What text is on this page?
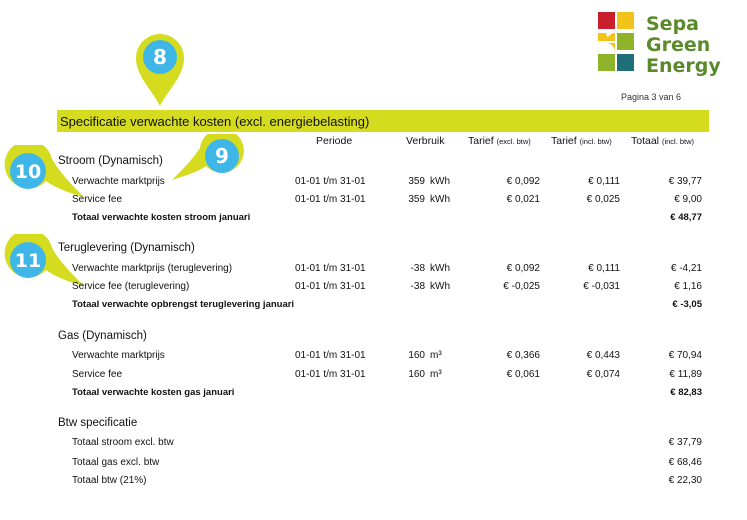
Sepa
Green
Energy
Pagina 3 van 6
8
Specificatie verwachte kosten (excl. energiebelasting)
Periode	Verbruik Tarief (excl. btw) Tarief (incl. btw) Totaal (incl. btw)
9
10 Stroom (Dynamisch)
Verwachte marktprijs	01-01 t/m 31-01	359 kWh	€ 0,092	€ 0,111	€ 39,77
Service fee	01-01 t/m 31-01	359 kWh	€ 0,021	€ 0,025	€ 9,00
Totaal verwachte kosten stroom januari	€ 48,77
11
Teruglevering (Dynamisch)
Verwachte marktprijs (teruglevering)	01-01 t/m 31-01	-38 kWh	€ 0,092	€ 0,111	€ -4,21
Service fee (teruglevering)	01-01 t/m 31-01	-38 kWh	€ -0,025	€ -0,031	€ 1,16
Totaal verwachte opbrengst teruglevering januari	€ -3,05
Gas (Dynamisch)
Verwachte marktprijs	01-01 t/m 31-01	160 m³	€ 0,366	€ 0,443	€ 70,94
Service fee	01-01 t/m 31-01	160 m³	€ 0,061	€ 0,074	€ 11,89
Totaal verwachte kosten gas januari	€ 82,83
Btw specificatie
Totaal stroom excl. btw	€ 37,79
Totaal gas excl. btw	€ 68,46
Totaal btw (21%)	€ 22,30
